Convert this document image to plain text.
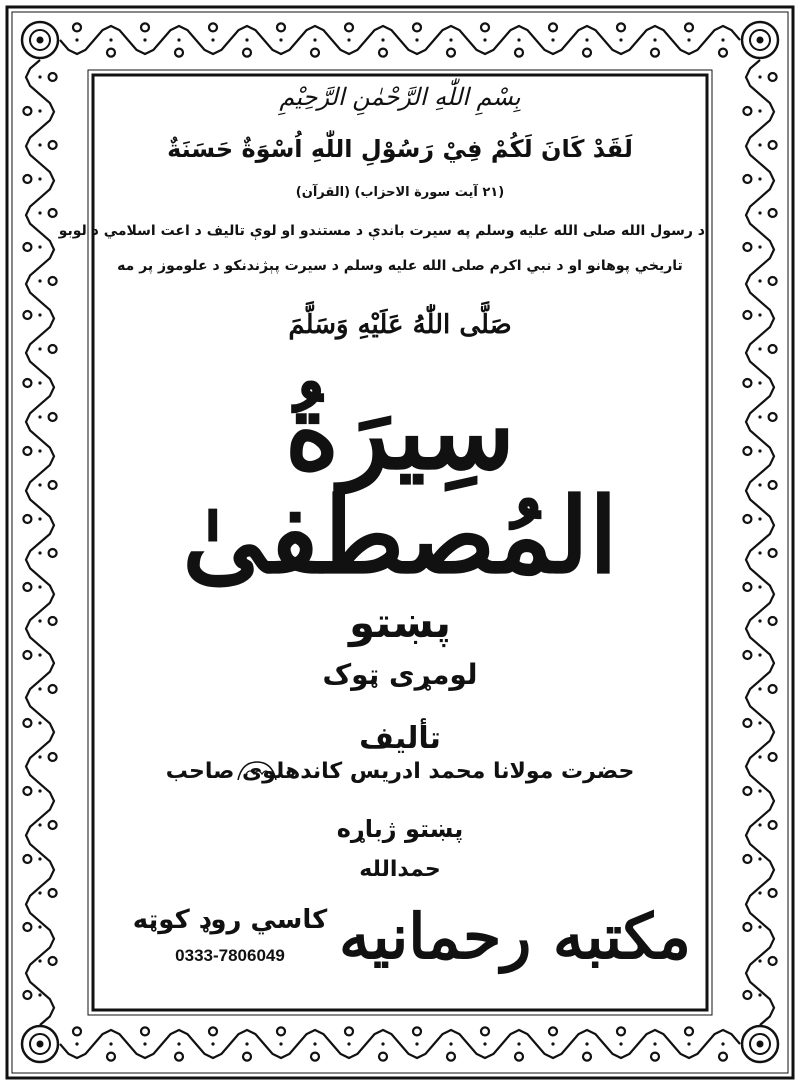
بِسْمِ اللّٰهِ الرَّحْمٰنِ الرَّحِيْمِ
لَقَدْ كَانَ لَكُمْ فِيْ رَسُوْلِ اللّٰهِ اُسْوَةٌ حَسَنَةٌ
(۲۱ آیت سورة الاحزاب) (القرآن)
د رسول الله صلی الله علیه وسلم په سیرت باندې د مستندو او لوې تالیف د اعت اسلامي د لوبو
تاریخي پوهانو او د نبي اکرم صلی الله علیه وسلم د سیرت پېژندنکو د علوموز پر مه
صَلَّى اللّٰهُ عَلَيْهِ وَسَلَّمَ
سِیرَةُ المُصطفیٰ
پښتو
لومړی ټوک
تألیف
حضرت مولانا محمد ادریس کاندھلوی صاحب
پښتو ژباړه
حمدالله
مکتبه رحمانیه
کاسي روډ کوټه
0333-7806049
